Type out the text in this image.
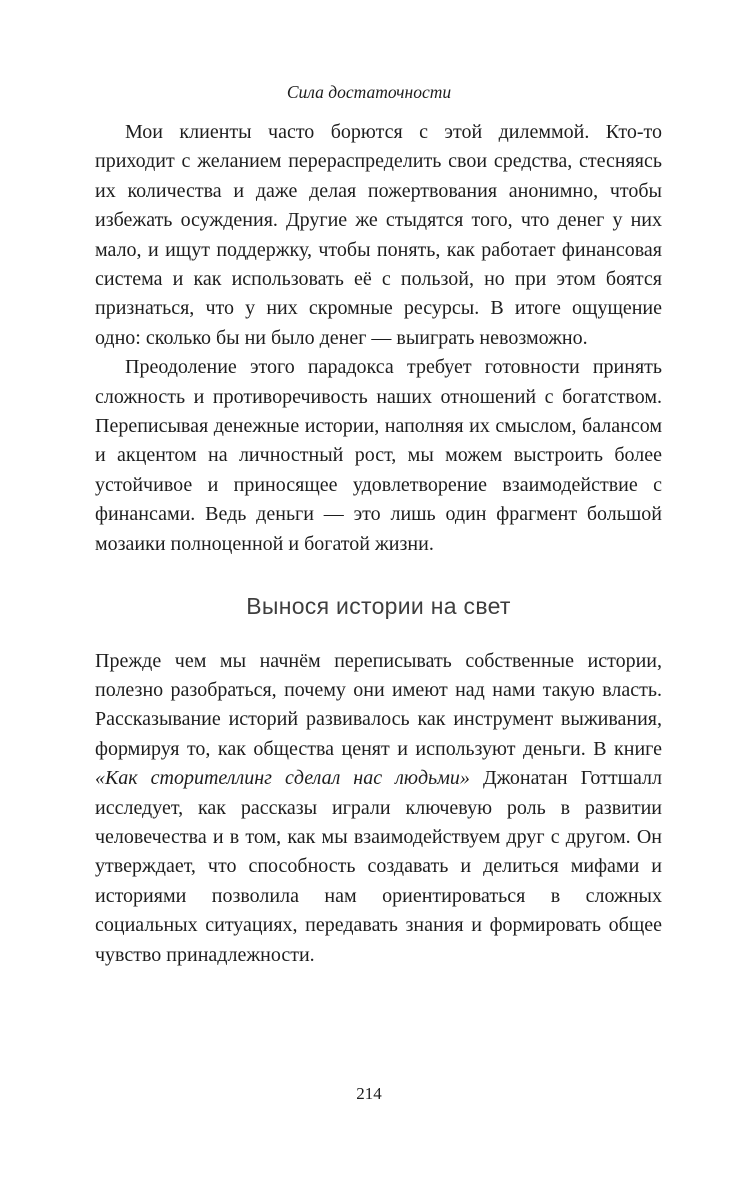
Сила достаточности

Мои клиенты часто борются с этой дилеммой. Кто-то приходит с желанием перераспределить свои средства, стесняясь их количества и даже делая пожертвования анонимно, чтобы избежать осуждения. Другие же стыдятся того, что денег у них мало, и ищут поддержку, чтобы понять, как работает финансовая система и как использовать её с пользой, но при этом боятся признаться, что у них скромные ресурсы. В итоге ощущение одно: сколько бы ни было денег — выиграть невозможно.

Преодоление этого парадокса требует готовности принять сложность и противоречивость наших отношений с богатством. Переписывая денежные истории, наполняя их смыслом, балансом и акцентом на личностный рост, мы можем выстроить более устойчивое и приносящее удовлетворение взаимодействие с финансами. Ведь деньги — это лишь один фрагмент большой мозаики полноценной и богатой жизни.

Вынося истории на свет

Прежде чем мы начнём переписывать собственные истории, полезно разобраться, почему они имеют над нами такую власть. Рассказывание историй развивалось как инструмент выживания, формируя то, как общества ценят и используют деньги. В книге «Как сторителлинг сделал нас людьми» Джонатан Готтшалл исследует, как рассказы играли ключевую роль в развитии человечества и в том, как мы взаимодействуем друг с другом. Он утверждает, что способность создавать и делиться мифами и историями позволила нам ориентироваться в сложных социальных ситуациях, передавать знания и формировать общее чувство принадлежности.

214
